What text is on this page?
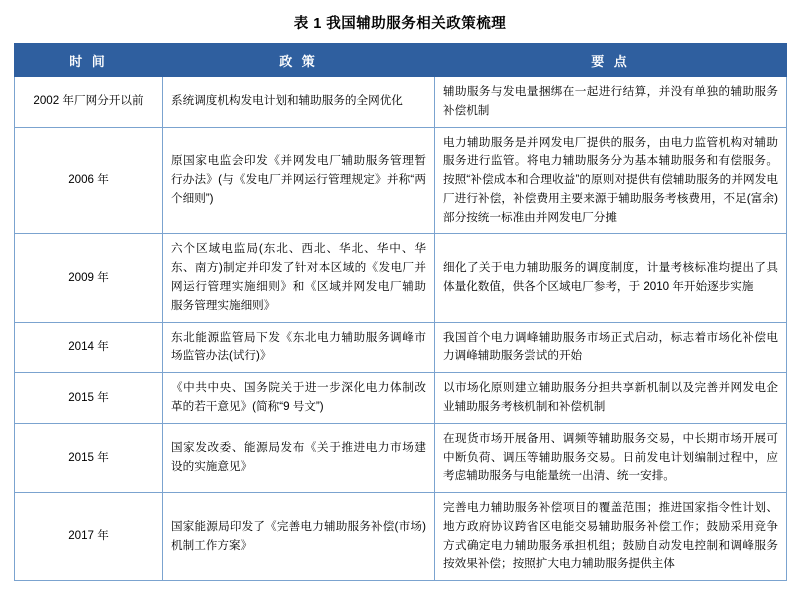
表 1 我国辅助服务相关政策梳理
时 间	政 策	要 点
2002 年厂网分开以前	系统调度机构发电计划和辅助服务的全网优化	辅助服务与发电量捆绑在一起进行结算，并没有单独的辅助服务补偿机制
2006 年	原国家电监会印发《并网发电厂辅助服务管理暂行办法》(与《发电厂并网运行管理规定》并称“两个细则”)	电力辅助服务是并网发电厂提供的服务，由电力监管机构对辅助服务进行监管。将电力辅助服务分为基本辅助服务和有偿服务。按照“补偿成本和合理收益”的原则对提供有偿辅助服务的并网发电厂进行补偿，补偿费用主要来源于辅助服务考核费用，不足(富余)部分按统一标准由并网发电厂分摊
2009 年	六个区域电监局(东北、西北、华北、华中、华东、南方)制定并印发了针对本区域的《发电厂并网运行管理实施细则》和《区域并网发电厂辅助服务管理实施细则》	细化了关于电力辅助服务的调度制度，计量考核标准均提出了具体量化数值，供各个区域电厂参考，于 2010 年开始逐步实施
2014 年	东北能源监管局下发《东北电力辅助服务调峰市场监管办法(试行)》	我国首个电力调峰辅助服务市场正式启动，标志着市场化补偿电力调峰辅助服务尝试的开始
2015 年	《中共中央、国务院关于进一步深化电力体制改革的若干意见》(简称“9 号文”)	以市场化原则建立辅助服务分担共享新机制以及完善并网发电企业辅助服务考核机制和补偿机制
2015 年	国家发改委、能源局发布《关于推进电力市场建设的实施意见》	在现货市场开展备用、调频等辅助服务交易，中长期市场开展可中断负荷、调压等辅助服务交易。日前发电计划编制过程中，应考虑辅助服务与电能量统一出清、统一安排。
2017 年	国家能源局印发了《完善电力辅助服务补偿(市场)机制工作方案》	完善电力辅助服务补偿项目的覆盖范围；推进国家指令性计划、地方政府协议跨省区电能交易辅助服务补偿工作；鼓励采用竞争方式确定电力辅助服务承担机组；鼓励自动发电控制和调峰服务按效果补偿；按照扩大电力辅助服务提供主体
